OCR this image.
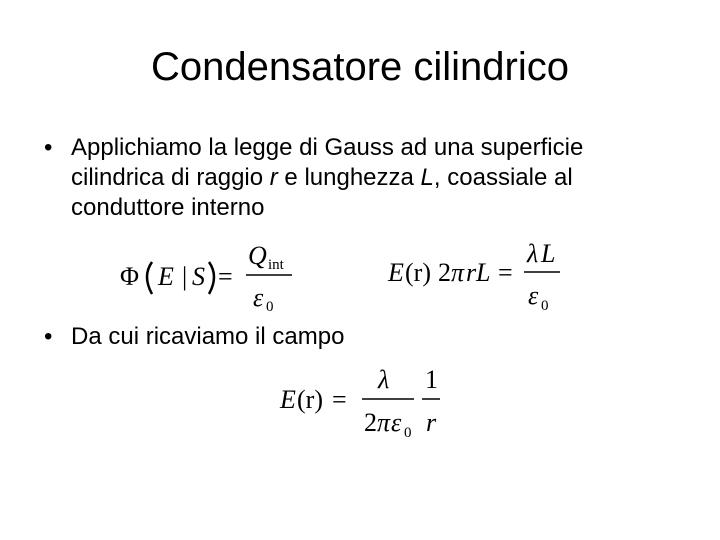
Condensatore cilindrico
• Applichiamo la legge di Gauss ad una superficie cilindrica di raggio r e lunghezza L, coassiale al conduttore interno
Φ E | S =
Q int
ε 0
E (r) 2 π r L =
λ L
ε 0
• Da cui ricaviamo il campo
E (r) =
λ
2 π ε 0
1
r
